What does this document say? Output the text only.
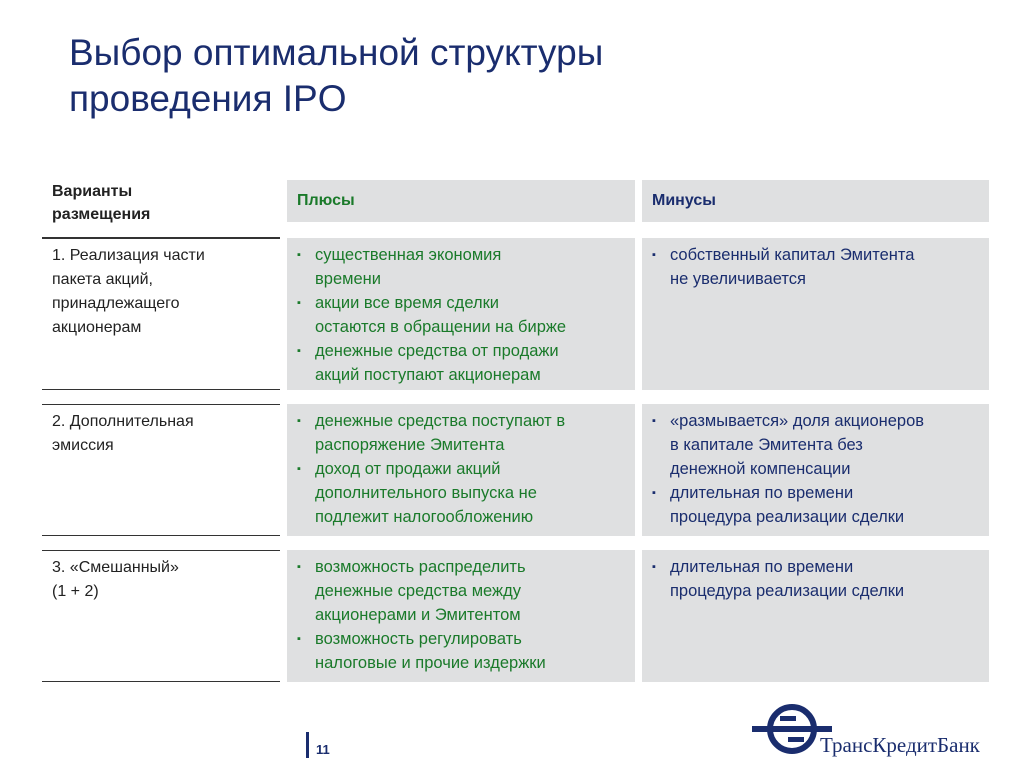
Выбор оптимальной структуры
проведения IPO
Варианты
размещения
Плюсы	Минусы
1. Реализация части
пакета акций,
принадлежащего
акционерам
▪ существенная экономия
времени
▪ акции все время сделки
остаются в обращении на бирже
▪ денежные средства от продажи
акций поступают акционерам
▪ собственный капитал Эмитента
не увеличивается
2. Дополнительная
эмиссия
▪ денежные средства поступают в
распоряжение Эмитента
▪ доход от продажи акций
дополнительного выпуска не
подлежит налогообложению
▪ «размывается» доля акционеров
в капитале Эмитента без
денежной компенсации
▪ длительная по времени
процедура реализации сделки
3. «Смешанный»
(1 + 2)
▪ возможность распределить
денежные средства между
акционерами и Эмитентом
▪ возможность регулировать
налоговые и прочие издержки
▪ длительная по времени
процедура реализации сделки
11	ТрансКредитБанк
